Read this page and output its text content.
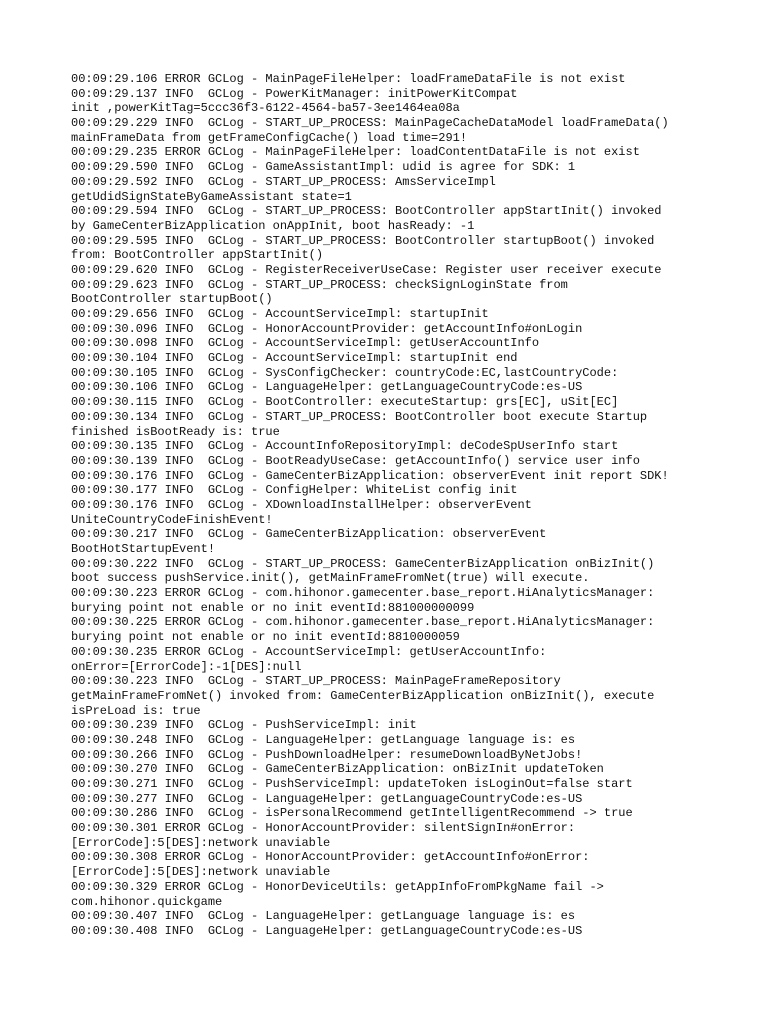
00:09:29.106 ERROR GCLog - MainPageFileHelper: loadFrameDataFile is not exist
00:09:29.137 INFO  GCLog - PowerKitManager: initPowerKitCompat
init ,powerKitTag=5ccc36f3-6122-4564-ba57-3ee1464ea08a
00:09:29.229 INFO  GCLog - START_UP_PROCESS: MainPageCacheDataModel loadFrameData()
mainFrameData from getFrameConfigCache() load time=291!
00:09:29.235 ERROR GCLog - MainPageFileHelper: loadContentDataFile is not exist
00:09:29.590 INFO  GCLog - GameAssistantImpl: udid is agree for SDK: 1
00:09:29.592 INFO  GCLog - START_UP_PROCESS: AmsServiceImpl
getUdidSignStateByGameAssistant state=1
00:09:29.594 INFO  GCLog - START_UP_PROCESS: BootController appStartInit() invoked
by GameCenterBizApplication onAppInit, boot hasReady: -1
00:09:29.595 INFO  GCLog - START_UP_PROCESS: BootController startupBoot() invoked
from: BootController appStartInit()
00:09:29.620 INFO  GCLog - RegisterReceiverUseCase: Register user receiver execute
00:09:29.623 INFO  GCLog - START_UP_PROCESS: checkSignLoginState from
BootController startupBoot()
00:09:29.656 INFO  GCLog - AccountServiceImpl: startupInit
00:09:30.096 INFO  GCLog - HonorAccountProvider: getAccountInfo#onLogin
00:09:30.098 INFO  GCLog - AccountServiceImpl: getUserAccountInfo
00:09:30.104 INFO  GCLog - AccountServiceImpl: startupInit end
00:09:30.105 INFO  GCLog - SysConfigChecker: countryCode:EC,lastCountryCode:
00:09:30.106 INFO  GCLog - LanguageHelper: getLanguageCountryCode:es-US
00:09:30.115 INFO  GCLog - BootController: executeStartup: grs[EC], uSit[EC]
00:09:30.134 INFO  GCLog - START_UP_PROCESS: BootController boot execute Startup
finished isBootReady is: true
00:09:30.135 INFO  GCLog - AccountInfoRepositoryImpl: deCodeSpUserInfo start
00:09:30.139 INFO  GCLog - BootReadyUseCase: getAccountInfo() service user info
00:09:30.176 INFO  GCLog - GameCenterBizApplication: observerEvent init report SDK!
00:09:30.177 INFO  GCLog - ConfigHelper: WhiteList config init
00:09:30.176 INFO  GCLog - XDownloadInstallHelper: observerEvent
UniteCountryCodeFinishEvent!
00:09:30.217 INFO  GCLog - GameCenterBizApplication: observerEvent
BootHotStartupEvent!
00:09:30.222 INFO  GCLog - START_UP_PROCESS: GameCenterBizApplication onBizInit()
boot success pushService.init(), getMainFrameFromNet(true) will execute.
00:09:30.223 ERROR GCLog - com.hihonor.gamecenter.base_report.HiAnalyticsManager:
burying point not enable or no init eventId:881000000099
00:09:30.225 ERROR GCLog - com.hihonor.gamecenter.base_report.HiAnalyticsManager:
burying point not enable or no init eventId:8810000059
00:09:30.235 ERROR GCLog - AccountServiceImpl: getUserAccountInfo:
onError=[ErrorCode]:-1[DES]:null
00:09:30.223 INFO  GCLog - START_UP_PROCESS: MainPageFrameRepository
getMainFrameFromNet() invoked from: GameCenterBizApplication onBizInit(), execute
isPreLoad is: true
00:09:30.239 INFO  GCLog - PushServiceImpl: init
00:09:30.248 INFO  GCLog - LanguageHelper: getLanguage language is: es
00:09:30.266 INFO  GCLog - PushDownloadHelper: resumeDownloadByNetJobs!
00:09:30.270 INFO  GCLog - GameCenterBizApplication: onBizInit updateToken
00:09:30.271 INFO  GCLog - PushServiceImpl: updateToken isLoginOut=false start
00:09:30.277 INFO  GCLog - LanguageHelper: getLanguageCountryCode:es-US
00:09:30.286 INFO  GCLog - isPersonalRecommend getIntelligentRecommend -> true
00:09:30.301 ERROR GCLog - HonorAccountProvider: silentSignIn#onError:
[ErrorCode]:5[DES]:network unaviable
00:09:30.308 ERROR GCLog - HonorAccountProvider: getAccountInfo#onError:
[ErrorCode]:5[DES]:network unaviable
00:09:30.329 ERROR GCLog - HonorDeviceUtils: getAppInfoFromPkgName fail ->
com.hihonor.quickgame
00:09:30.407 INFO  GCLog - LanguageHelper: getLanguage language is: es
00:09:30.408 INFO  GCLog - LanguageHelper: getLanguageCountryCode:es-US
